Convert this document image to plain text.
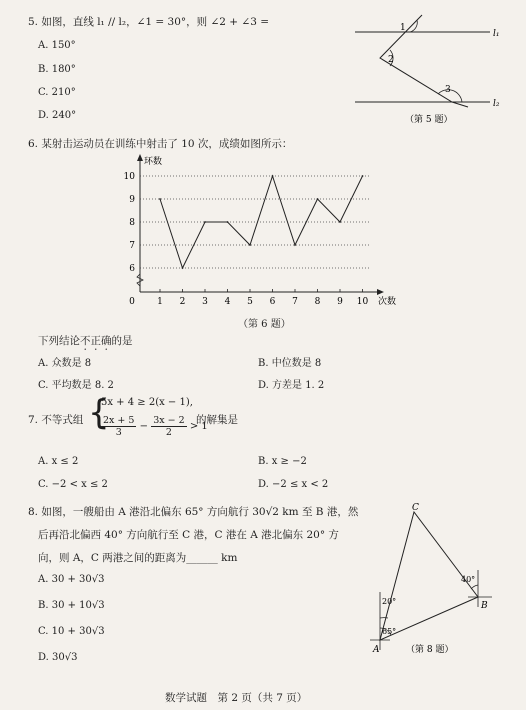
5. 如图，直线 l₁ // l₂，∠1 = 30°，则 ∠2 + ∠3 =
A. 150°
B. 180°
C. 210°
D. 240°
1
2
3
l₁
l₂
（第 5 题）
6. 某射击运动员在训练中射击了 10 次，成绩如图所示：
6
7
8
9
10
1 2 3 4 5 6 7 8 9 10
0
环数
次数
（第 6 题）
下列结论不正确的是
A. 众数是 8	B. 中位数是 8
C. 平均数是 8. 2	D. 方差是 1. 2
7. 不等式组 {
5x + 4 ≥ 2(x − 1),
$\frac{2x + 5}{3} - \frac{3x - 2}{2} > 1$
的解集是
A. x ≤ 2	B. x ≥ −2
C. −2 < x ≤ 2	D. −2 ≤ x < 2
8. 如图，一艘船由 A 港沿北偏东 65° 方向航行 30√2 km 至 B 港，然
后再沿北偏西 40° 方向航行至 C 港，C 港在 A 港北偏东 20° 方
向，则 A，C 两港之间的距离为______ km
A. 30 + 30√3
B. 30 + 10√3
C. 10 + 30√3
D. 30√3
20°
65°
40°
C
A
B
（第 8 题）
数学试题　第 2 页（共 7 页）
